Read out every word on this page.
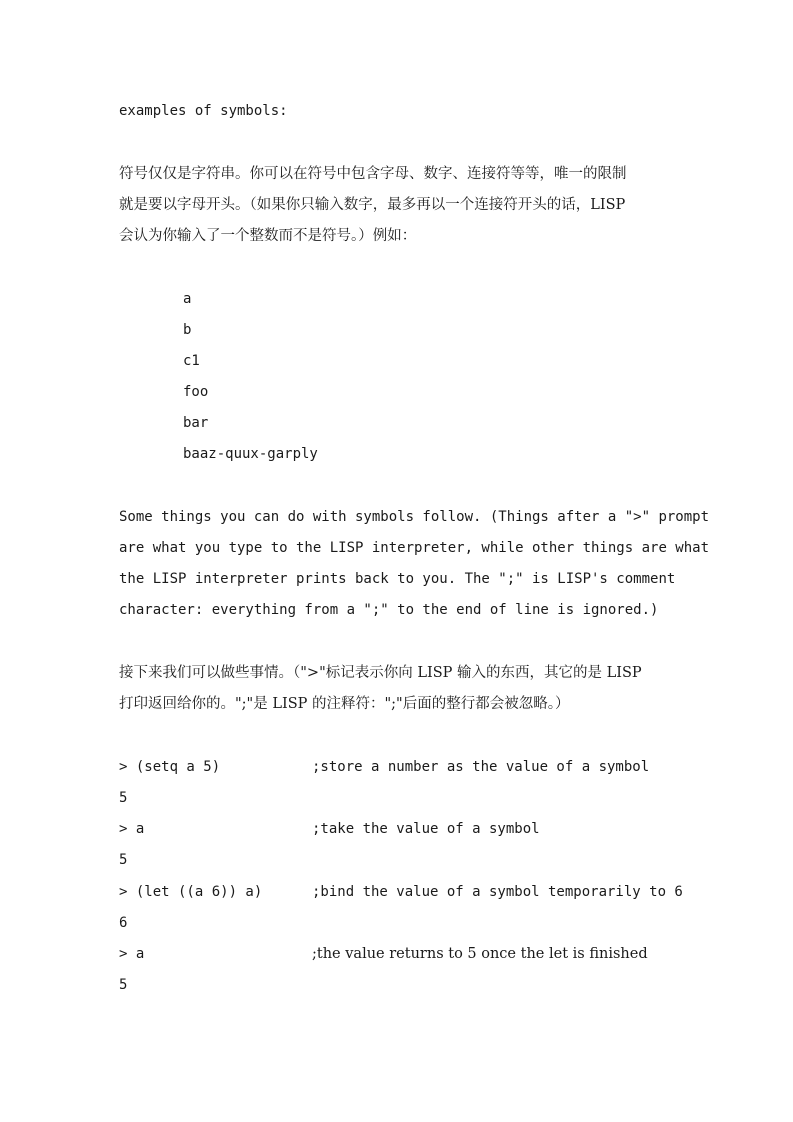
examples of symbols:
符号仅仅是字符串。你可以在符号中包含字母、数字、连接符等等，唯一的限制
就是要以字母开头。（如果你只输入数字，最多再以一个连接符开头的话，LISP
会认为你输入了一个整数而不是符号。）例如：
a
b
c1
foo
bar
baaz-quux-garply
Some things you can do with symbols follow. (Things after a ">" prompt
are what you type to the LISP interpreter, while other things are what
the LISP interpreter prints back to you. The ";" is LISP's comment
character: everything from a ";" to the end of line is ignored.)
接下来我们可以做些事情。（">"标记表示你向 LISP 输入的东西，其它的是 LISP
打印返回给你的。";"是 LISP 的注释符：";"后面的整行都会被忽略。）
> (setq a 5)	;store a number as the value of a symbol
5
> a	;take the value of a symbol
5
> (let ((a 6)) a)	;bind the value of a symbol temporarily to 6
6
> a	;the value returns to 5 once the let is finished
5
